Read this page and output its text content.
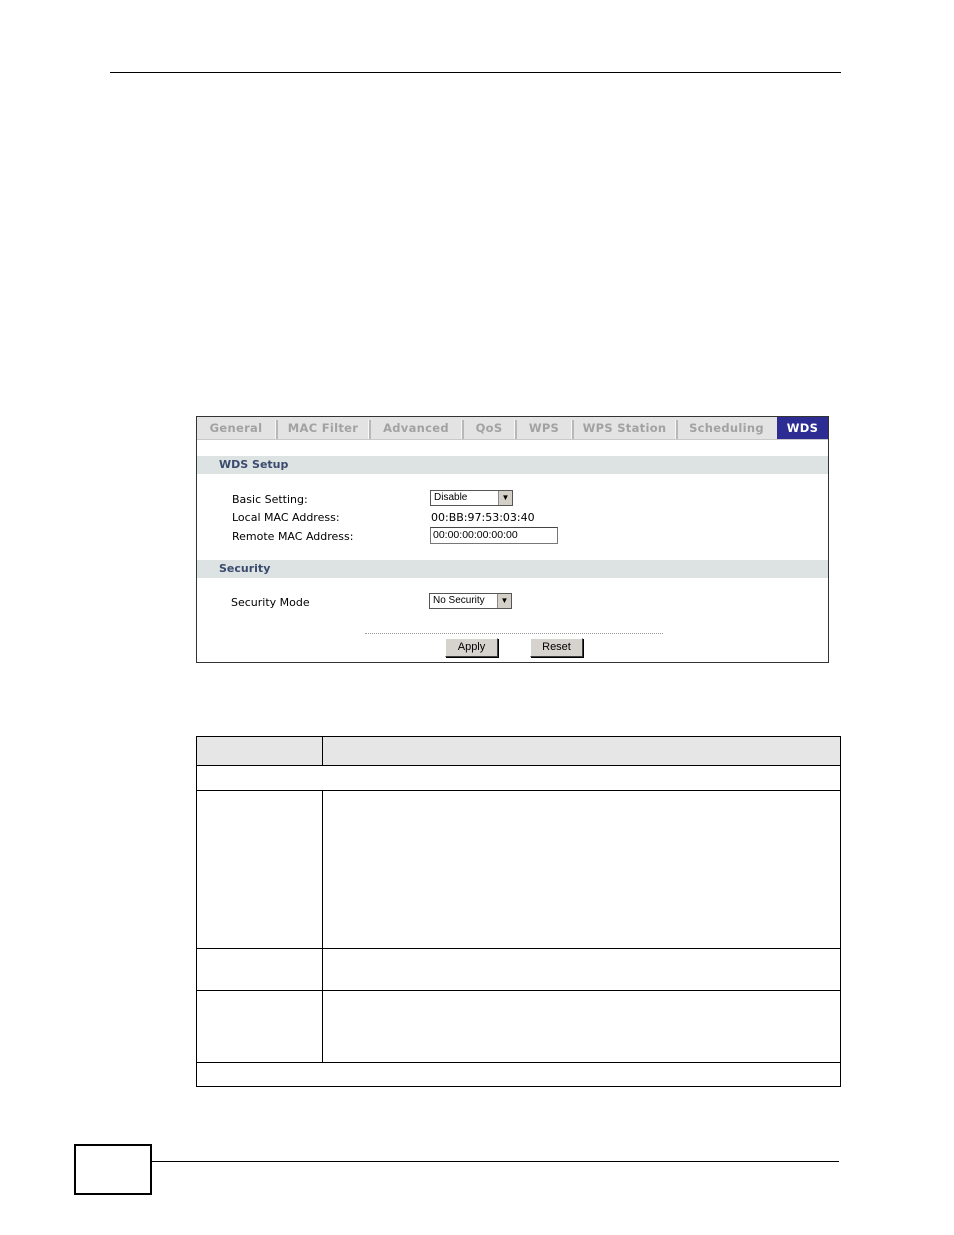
General	MAC Filter	Advanced	QoS	WPS	WPS Station	Scheduling	WDS
WDS Setup
Basic Setting:	Disable	▼
Local MAC Address:	00:BB:97:53:03:40
Remote MAC Address:	00:00:00:00:00:00
Security
Security Mode	No Security	▼
Apply	Reset
